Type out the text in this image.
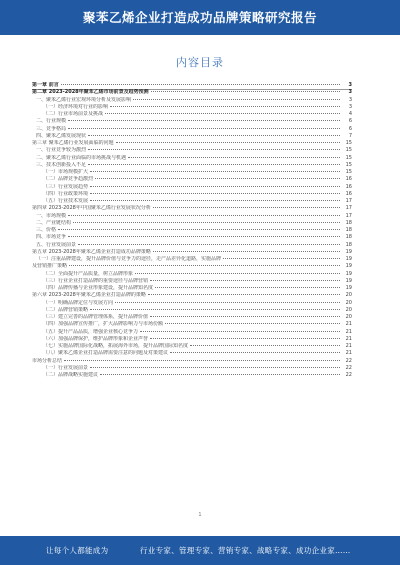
聚苯乙烯企业打造成功品牌策略研究报告
内容目录
第一章 前言	3
第二章 2023-2028年聚苯乙烯市场前景及趋势预测	3
一、聚苯乙烯行业宏观环境分析及发展影响	3
（一）经济环境对行业的影响	3
（二）行业市场前景及挑战	4
二、行业规模	6
三、竞争格局	6
四、聚苯乙烯发展现状	7
第三章 聚苯乙烯行业发展面临的问题	15
一、行业竞争较为激烈	15
二、聚苯乙烯行业面临的市场挑战与机遇	15
三、技术创新投入不足	15
（一）市场规模扩大	15
（二）品牌竞争趋激烈	16
（三）行业发展趋势	16
（四）行业政策环境	16
（五）行业技术发展	17
第四章 2023-2028年中国聚苯乙烯行业发展状况分析	17
一、市场规模	17
二、产业链结构	18
三、价格	18
四、市场竞争	18
五、行业发展前景	18
第五章 2023-2028年聚苯乙烯企业打造成功品牌策略	19
（一）注重品牌建设，提升品牌价值与竞争力的途径，走产品差异化道路，实施品牌	19
及营销推广策略	19
（二）全面提升产品质量，树立品牌形象	19
（三）行业企业打造品牌的重要途径与品牌营销	19
（四）品牌传播与企业形象建设，提升品牌知名度	19
第六章 2023-2028年聚苯乙烯企业打造品牌的策略	20
（一）明确品牌定位与发展方向	20
（二）品牌营销策略	20
（三）建立完善的品牌管理体系，提升品牌价值	20
（四）加强品牌宣传推广，扩大品牌影响力与市场份额	21
（五）提升产品品质，增强企业核心竞争力	21
（六）加强品牌保护，维护品牌形象和企业声誉	21
（七）实施品牌国际化战略，拓展海外市场，提升品牌国际知名度	21
（八）聚苯乙烯企业打造品牌需要注意的问题及对策建议	21
市场分析总结	22
（一）行业发展前景	22
（二）品牌战略实施建议	22
1
让每个人都能成为	行业专家、管理专家、营销专家、战略专家、成功企业家……
